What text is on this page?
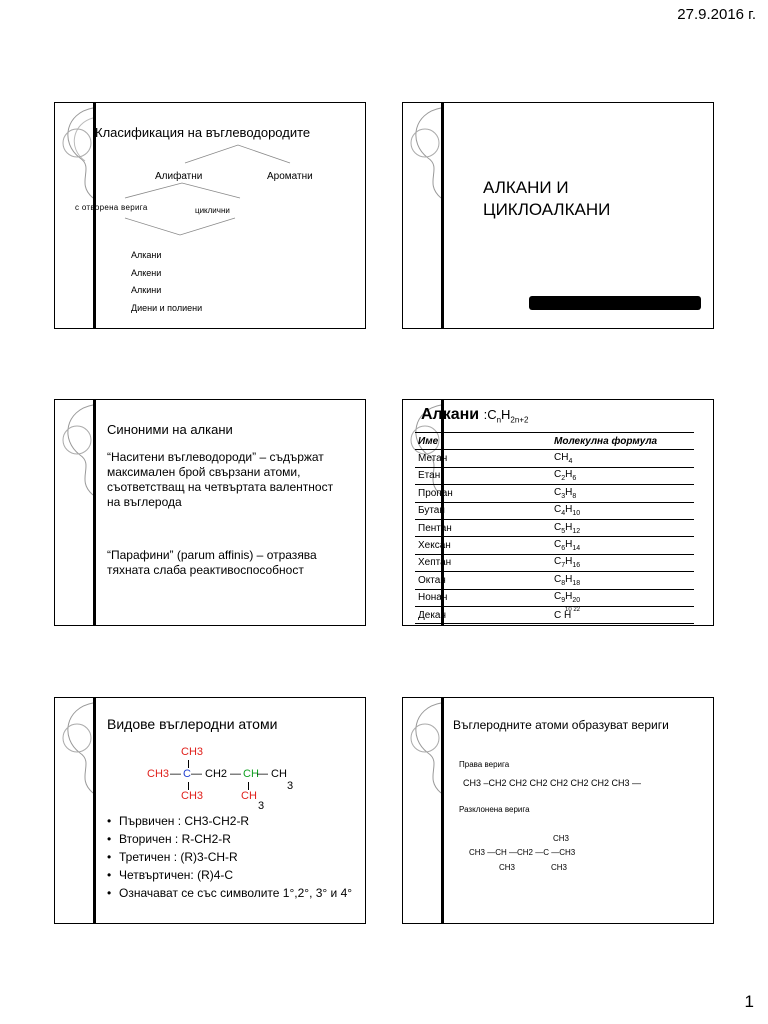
27.9.2016 г.
Класификация на въглеводородите
Алифатни	Ароматни
с отворена верига	циклични
Алкани
Алкени
Алкини
Диени и полиени
АЛКАНИ И
ЦИКЛОАЛКАНИ
Синоними на алкани
“Наситени въглеводороди” – съдържат максимален брой свързани атоми, съответстващ на четвъртата валентност на въглерода
“Парафини” (parum affinis) – отразява тяхната слаба реактивоспособност
Алкани $:C_nH_{2n+2}$
Име	Молекулна формула
Метан	$CH_4$
Етан	$C_2H_6$
Пропан	$C_3H_8$
Бутан	$C_4H_{10}$
Пентан	$C_5H_{12}$
Хексан	$C_6H_{14}$
Хептан	$C_7H_{16}$
Октан	$C_8H_{18}$
Нонан	$C_9H_{20}$
Декан	C H
10 22
Видове въглеродни атоми
CH3
CH3 — C — CH2 — CH
— CH
3
CH3	CH
3
• Първичен : CH3-CH2-R
• Вторичен : R-CH2-R
• Третичен : (R)3-CH-R
• Четвъртичен: (R)4-C
• Означават се със символите 1°,2°, 3° и 4°
Въглеродните атоми образуват вериги
Права верига
CH3 –CH2 CH2 CH2 CH2 CH2 CH2 CH3 —
Разклонена верига
CH3
CH3 —CH —CH2 —C —CH3
CH3	CH3
1
